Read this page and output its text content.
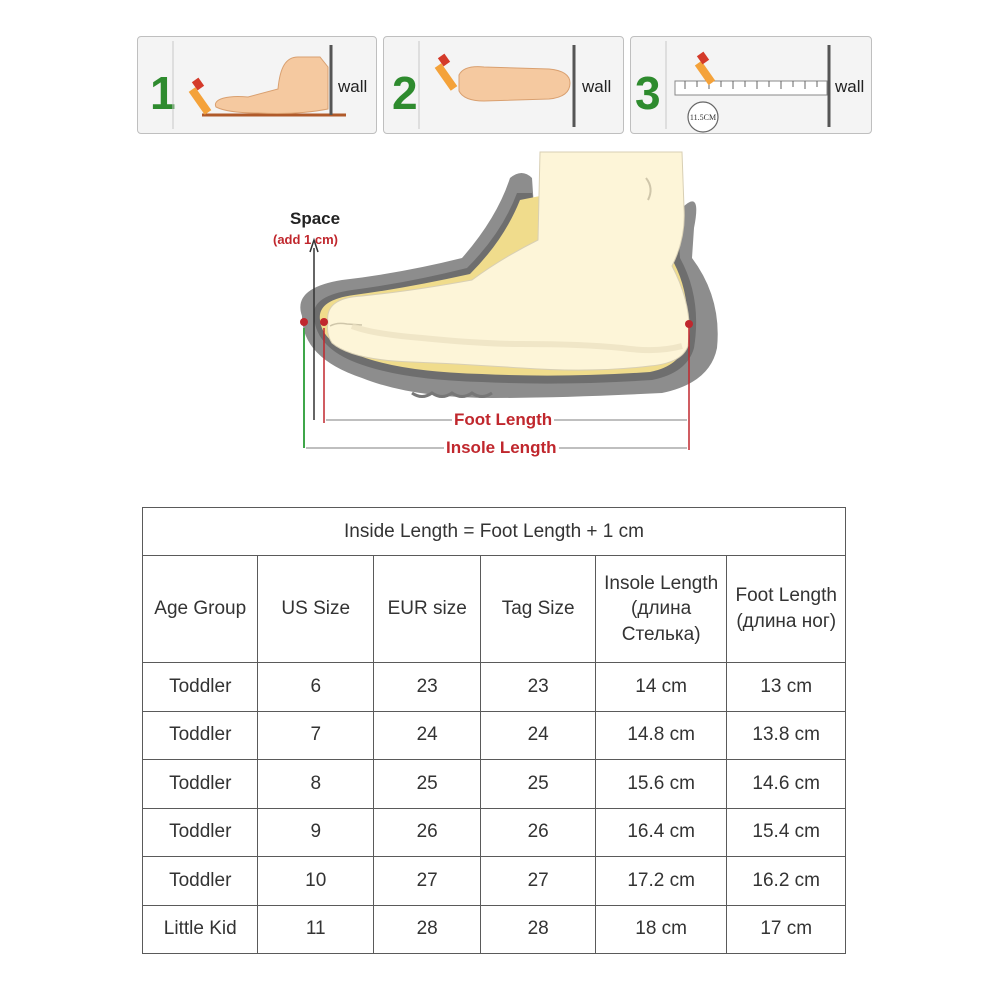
1	wall 2	wall 3	11.5CM
wall
Space
(add 1 cm)
Foot Length
Insole Length
Inside Length = Foot Length + 1 cm					
Age Group	US Size	EUR size	Tag Size	Insole Length (длина Стелька)	Foot Length (длина ног)
Toddler	6	23	23	14 cm	13 cm
Toddler	7	24	24	14.8 cm	13.8 cm
Toddler	8	25	25	15.6 cm	14.6 cm
Toddler	9	26	26	16.4 cm	15.4 cm
Toddler	10	27	27	17.2 cm	16.2 cm
Little Kid	11	28	28	18 cm	17 cm
